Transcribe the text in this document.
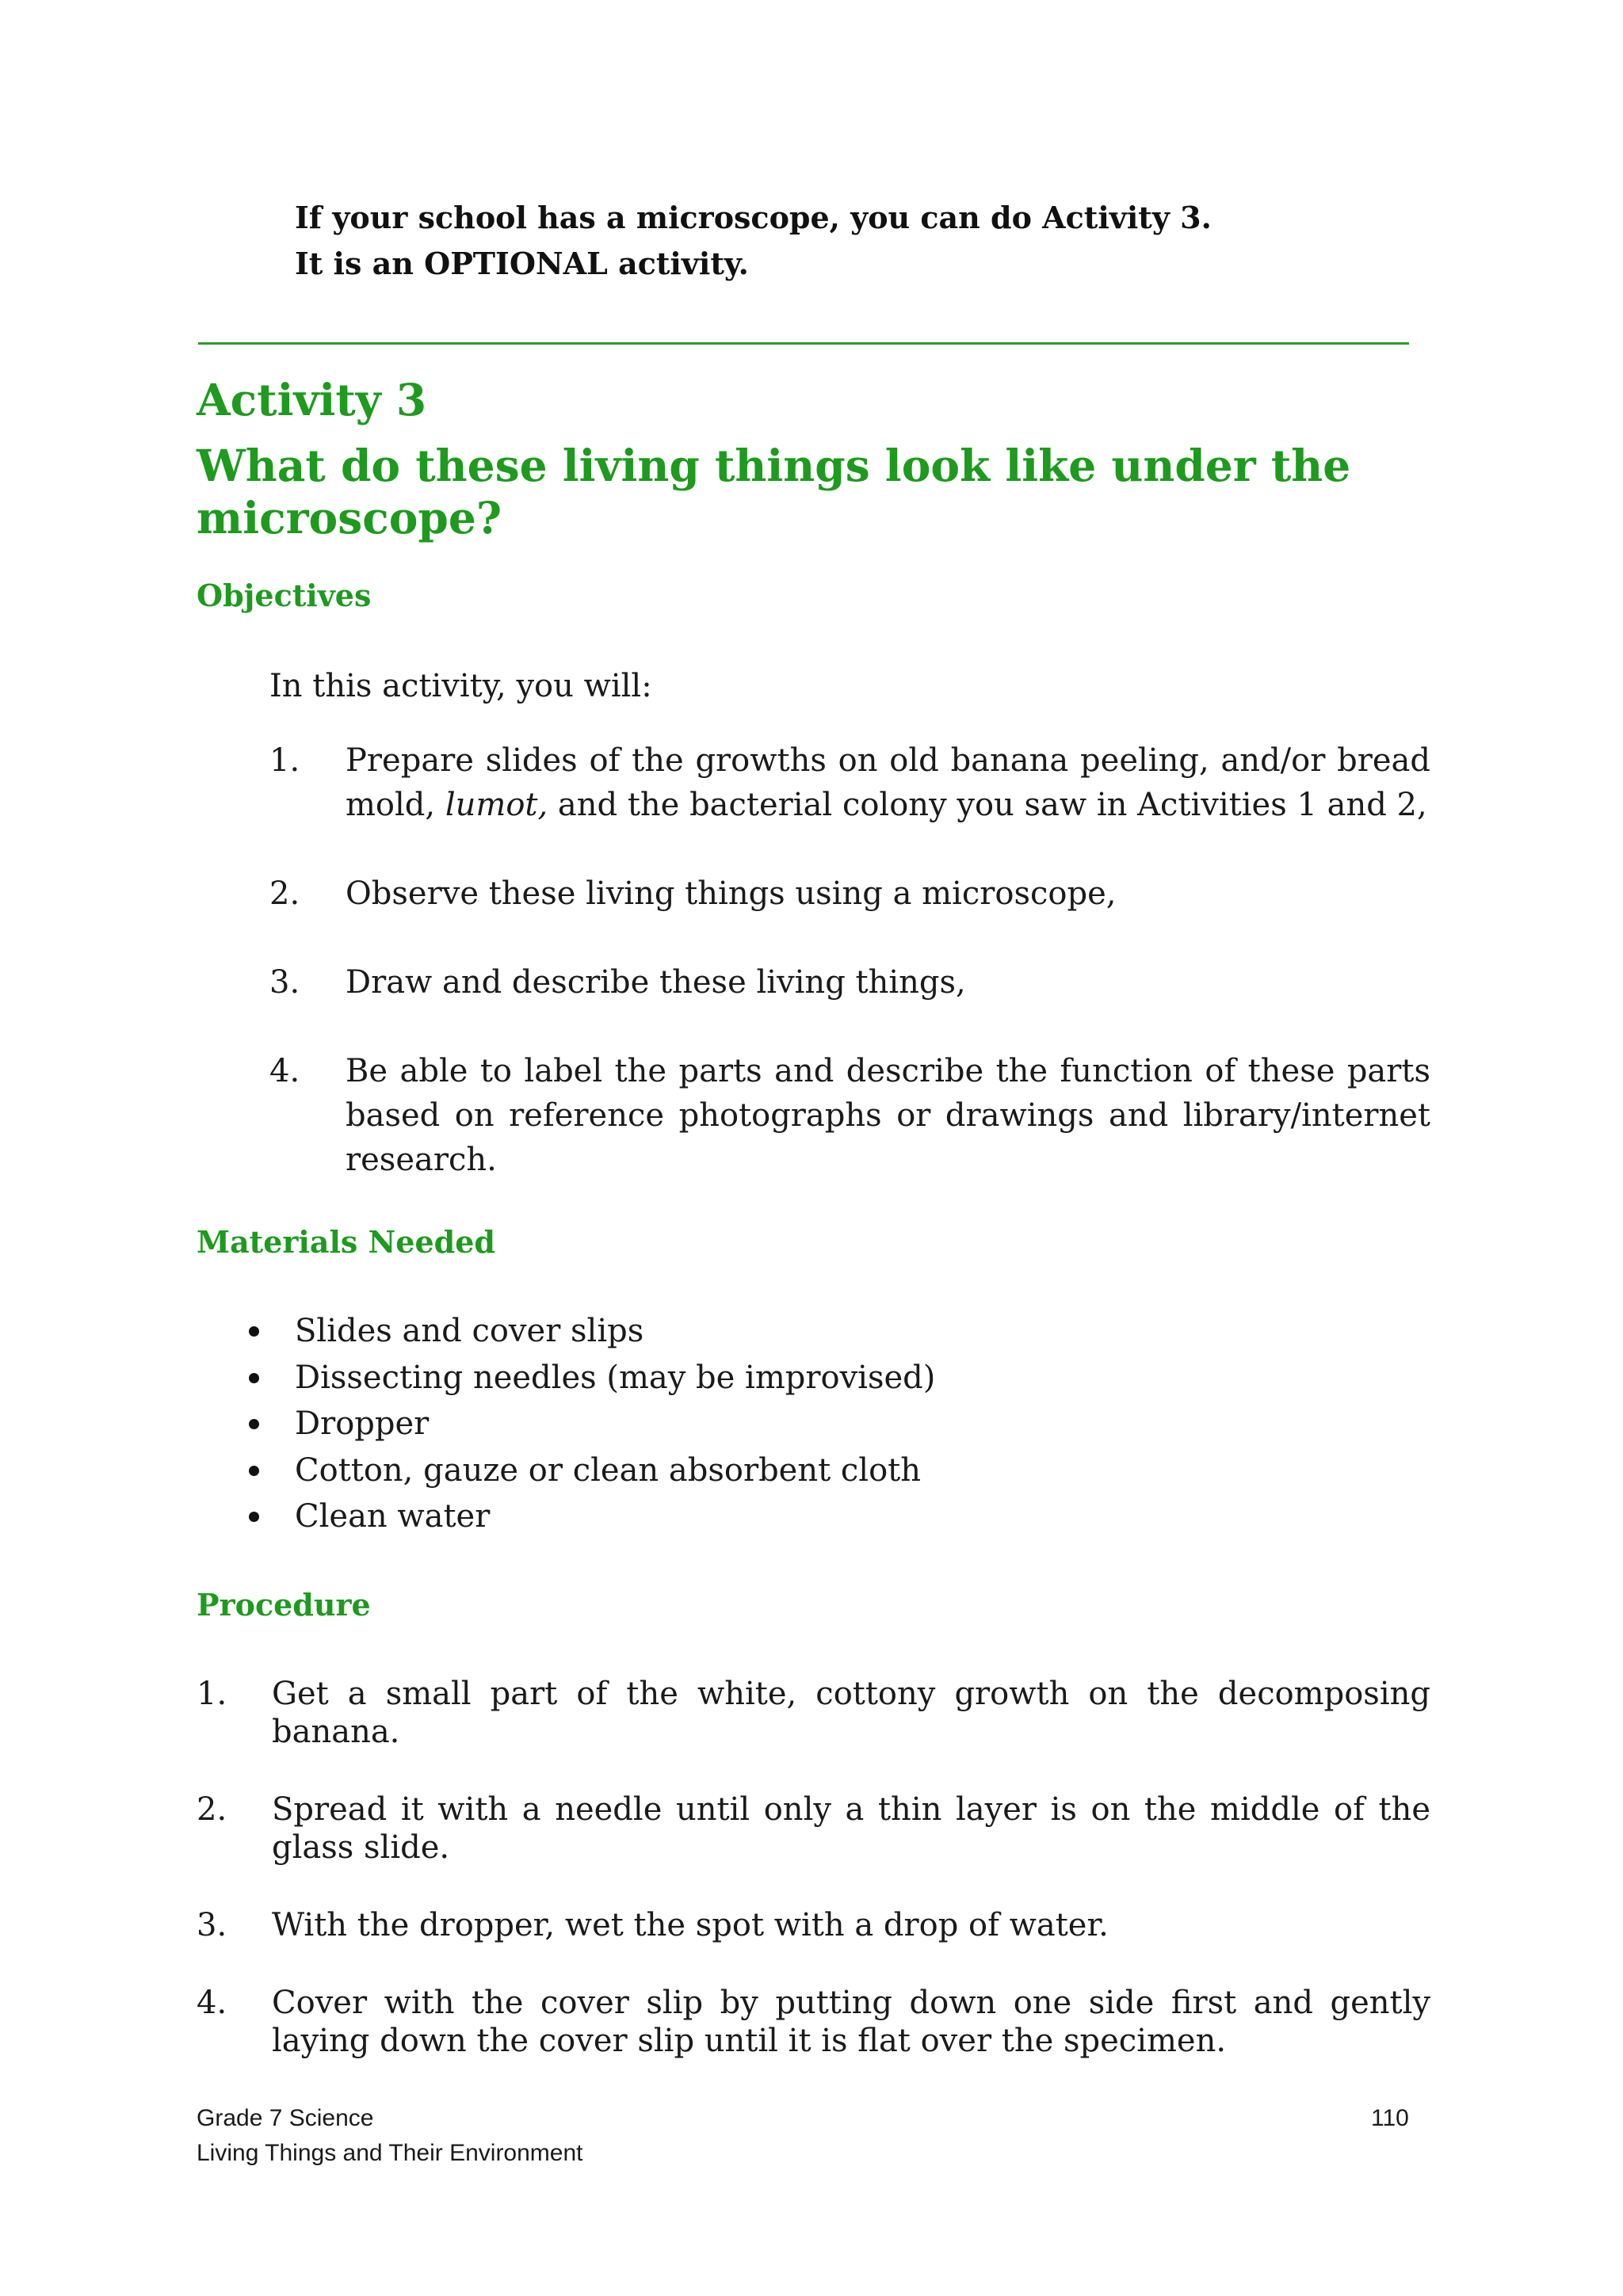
If your school has a microscope, you can do Activity 3.
It is an OPTIONAL activity.
Activity 3
What do these living things look like under the microscope?
Objectives
In this activity, you will:
1. Prepare slides of the growths on old banana peeling, and/or bread mold, lumot, and the bacterial colony you saw in Activities 1 and 2,
2. Observe these living things using a microscope,
3. Draw and describe these living things,
4. Be able to label the parts and describe the function of these parts based on reference photographs or drawings and library/internet research.
Materials Needed
Slides and cover slips
Dissecting needles (may be improvised)
Dropper
Cotton, gauze or clean absorbent cloth
Clean water
Procedure
1. Get a small part of the white, cottony growth on the decomposing banana.
2. Spread it with a needle until only a thin layer is on the middle of the glass slide.
3. With the dropper, wet the spot with a drop of water.
4. Cover with the cover slip by putting down one side first and gently laying down the cover slip until it is flat over the specimen.
Grade 7 Science
Living Things and Their Environment
110
